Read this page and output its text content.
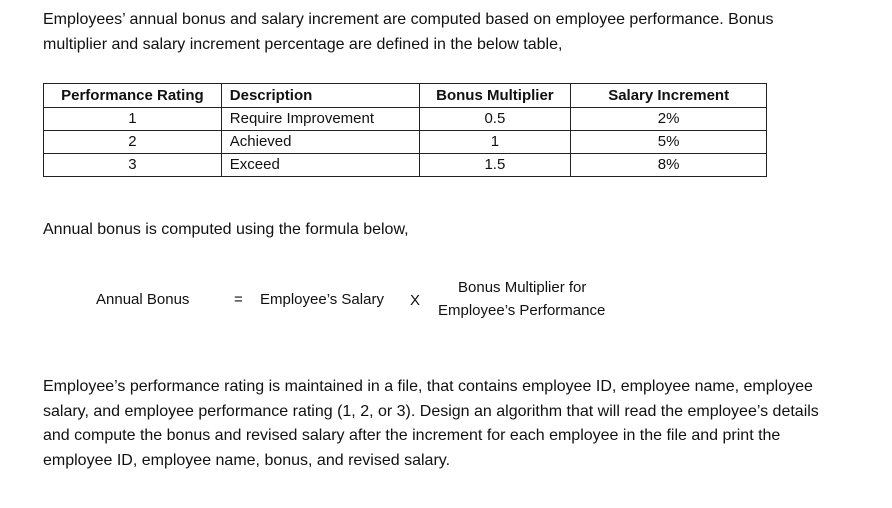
Employees’ annual bonus and salary increment are computed based on employee performance. Bonus
multiplier and salary increment percentage are defined in the below table,
Performance Rating	Description	Bonus Multiplier	Salary Increment
1	Require Improvement	0.5	2%
2	Achieved	1	5%
3	Exceed	1.5	8%
Annual bonus is computed using the formula below,
Annual Bonus	= Employee’s Salary X
Bonus Multiplier for
Employee’s Performance
Employee’s performance rating is maintained in a file, that contains employee ID, employee name, employee
salary, and employee performance rating (1, 2, or 3). Design an algorithm that will read the employee’s details
and compute the bonus and revised salary after the increment for each employee in the file and print the
employee ID, employee name, bonus, and revised salary.
